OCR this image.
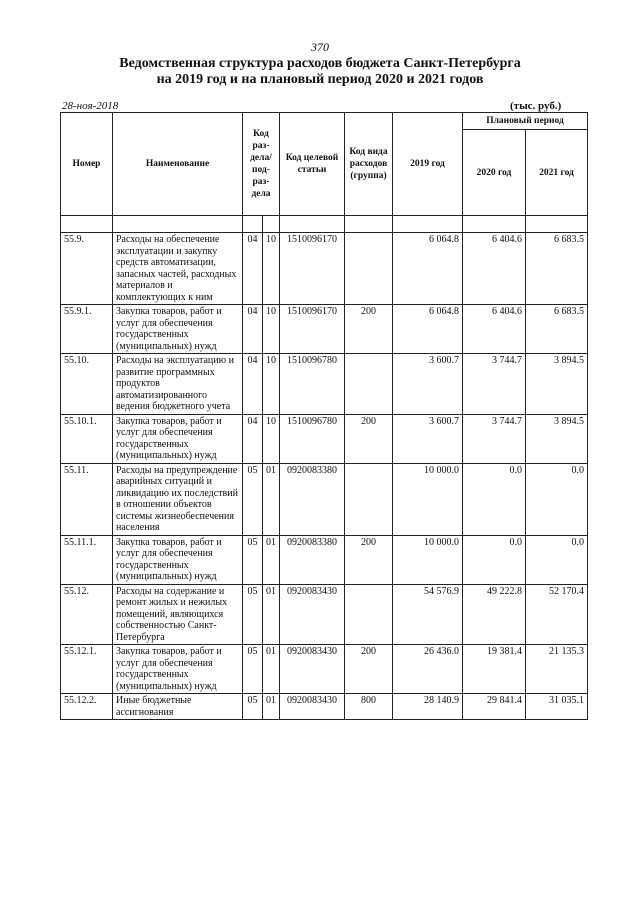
370
Ведомственная структура расходов бюджета Санкт-Петербурга
на 2019 год и на плановый период 2020 и 2021 годов
28-ноя-2018	(тыс. руб.)
Номер	Наименование	Код раз-дела/ под-раз-дела		Код целевой статьи	Код вида расходов (группа)	2019 год	Плановый период	
							2020 год	2021 год

55.9.	Расходы на обеспечение эксплуатации и закупку средств автоматизации, запасных частей, расходных материалов и комплектующих к ним	04	10	1510096170		6 064.8	6 404.6	6 683.5
55.9.1.	Закупка товаров, работ и услуг для обеспечения государственных (муниципальных) нужд	04	10	1510096170	200	6 064.8	6 404.6	6 683.5
55.10.	Расходы на эксплуатацию и развитие программных продуктов автоматизированного ведения бюджетного учета	04	10	1510096780		3 600.7	3 744.7	3 894.5
55.10.1.	Закупка товаров, работ и услуг для обеспечения государственных (муниципальных) нужд	04	10	1510096780	200	3 600.7	3 744.7	3 894.5
55.11.	Расходы на предупреждение аварийных ситуаций и ликвидацию их последствий в отношении объектов системы жизнеобеспечения населения	05	01	0920083380		10 000.0	0.0	0.0
55.11.1.	Закупка товаров, работ и услуг для обеспечения государственных (муниципальных) нужд	05	01	0920083380	200	10 000.0	0.0	0.0
55.12.	Расходы на содержание и ремонт жилых и нежилых помещений, являющихся собственностью Санкт-Петербурга	05	01	0920083430		54 576.9	49 222.8	52 170.4
55.12.1.	Закупка товаров, работ и услуг для обеспечения государственных (муниципальных) нужд	05	01	0920083430	200	26 436.0	19 381.4	21 135.3
55.12.2.	Иные бюджетные ассигнования	05	01	0920083430	800	28 140.9	29 841.4	31 035.1
